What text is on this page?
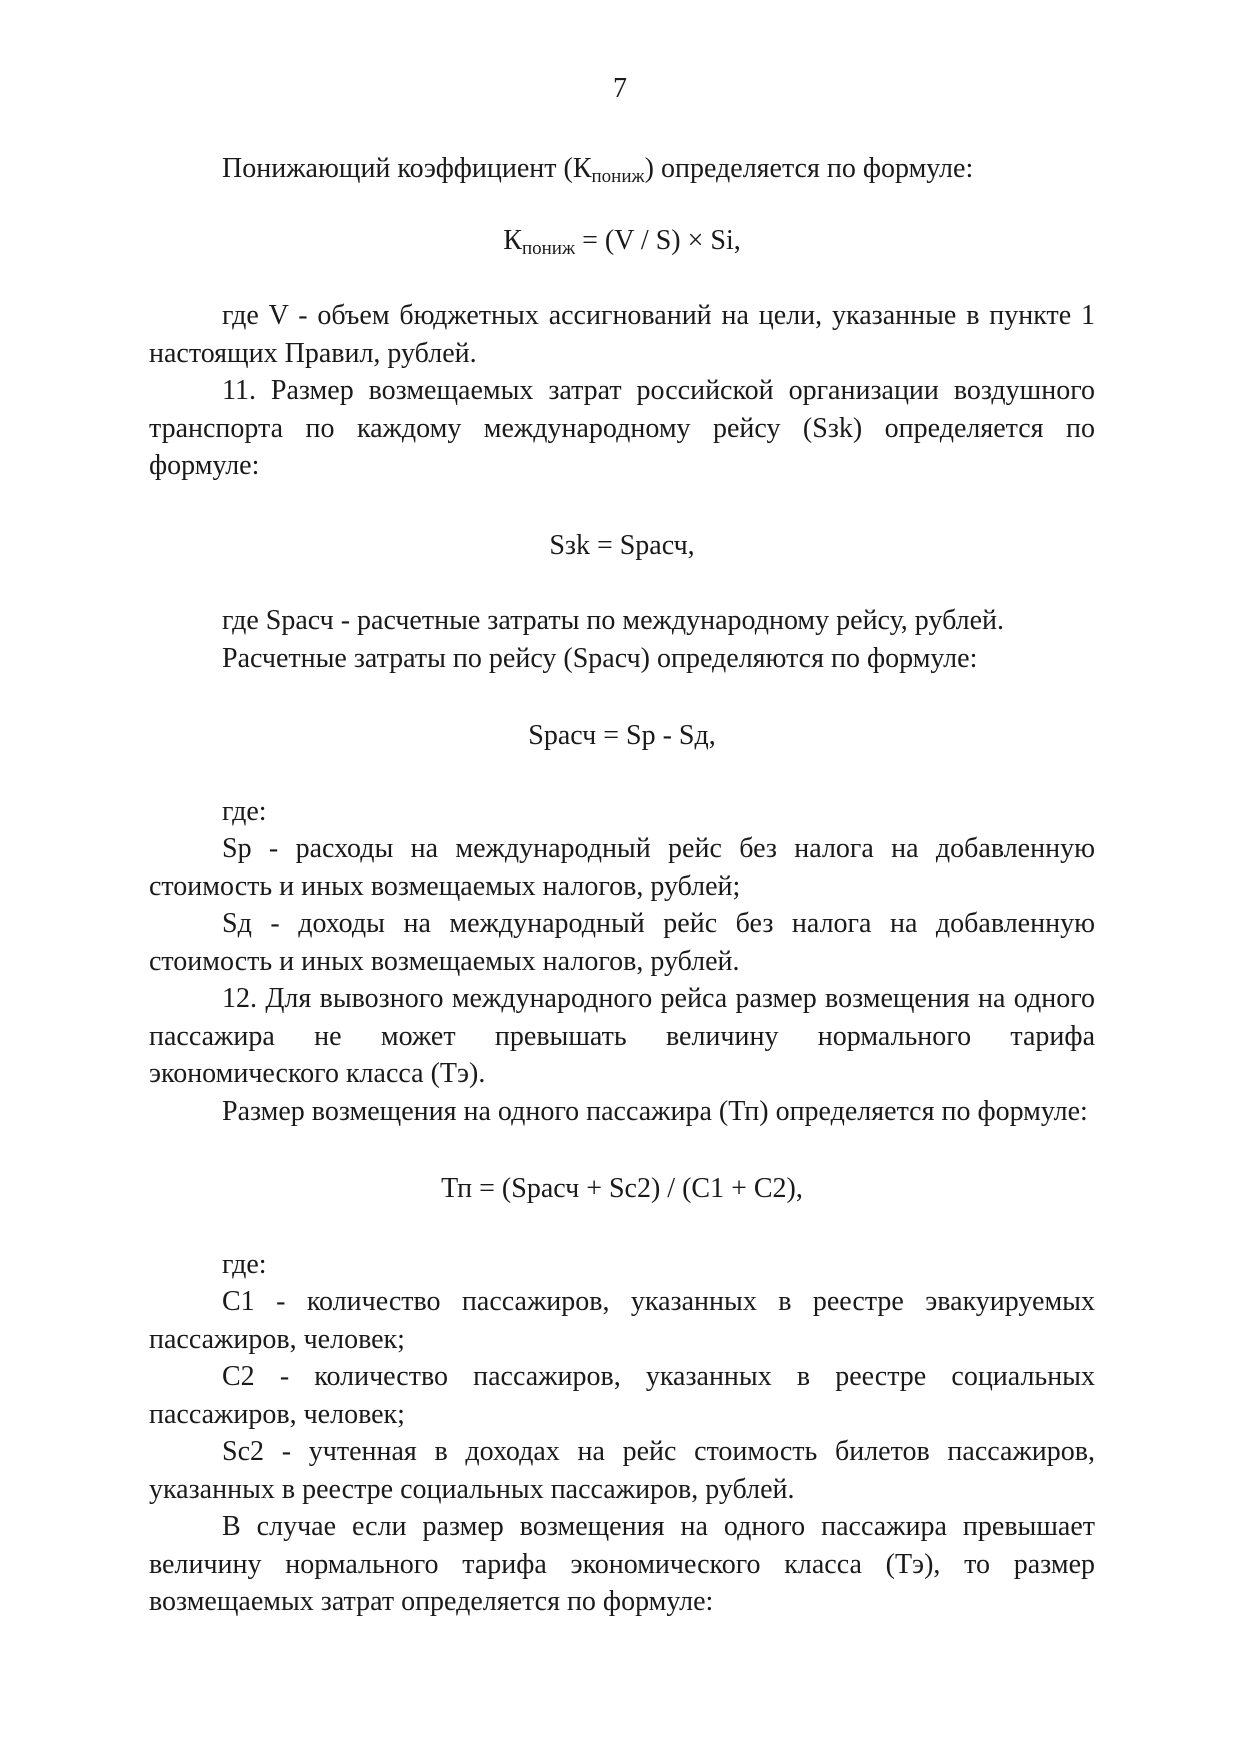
7

Понижающий коэффициент $(К_{пониж})$ определяется по формуле:

$К_{пониж} = (V / S) \times Si$,

где V - объем бюджетных ассигнований на цели, указанные в пункте 1 настоящих Правил, рублей.

11. Размер возмещаемых затрат российской организации воздушного транспорта по каждому международному рейсу (Sзk) определяется по формуле:

Sзk = Sрасч,

где Sрасч - расчетные затраты по международному рейсу, рублей.

Расчетные затраты по рейсу (Sрасч) определяются по формуле:

Sрасч = Sр - Sд,

где:

Sр - расходы на международный рейс без налога на добавленную стоимость и иных возмещаемых налогов, рублей;

Sд - доходы на международный рейс без налога на добавленную стоимость и иных возмещаемых налогов, рублей.

12. Для вывозного международного рейса размер возмещения на одного пассажира не может превышать величину нормального тарифа экономического класса (Тэ).

Размер возмещения на одного пассажира (Тп) определяется по формуле:

Тп = (Sрасч + Sс2) / (С1 + С2),

где:

С1 - количество пассажиров, указанных в реестре эвакуируемых пассажиров, человек;

С2 - количество пассажиров, указанных в реестре социальных пассажиров, человек;

Sс2 - учтенная в доходах на рейс стоимость билетов пассажиров, указанных в реестре социальных пассажиров, рублей.

В случае если размер возмещения на одного пассажира превышает величину нормального тарифа экономического класса (Тэ), то размер возмещаемых затрат определяется по формуле:
